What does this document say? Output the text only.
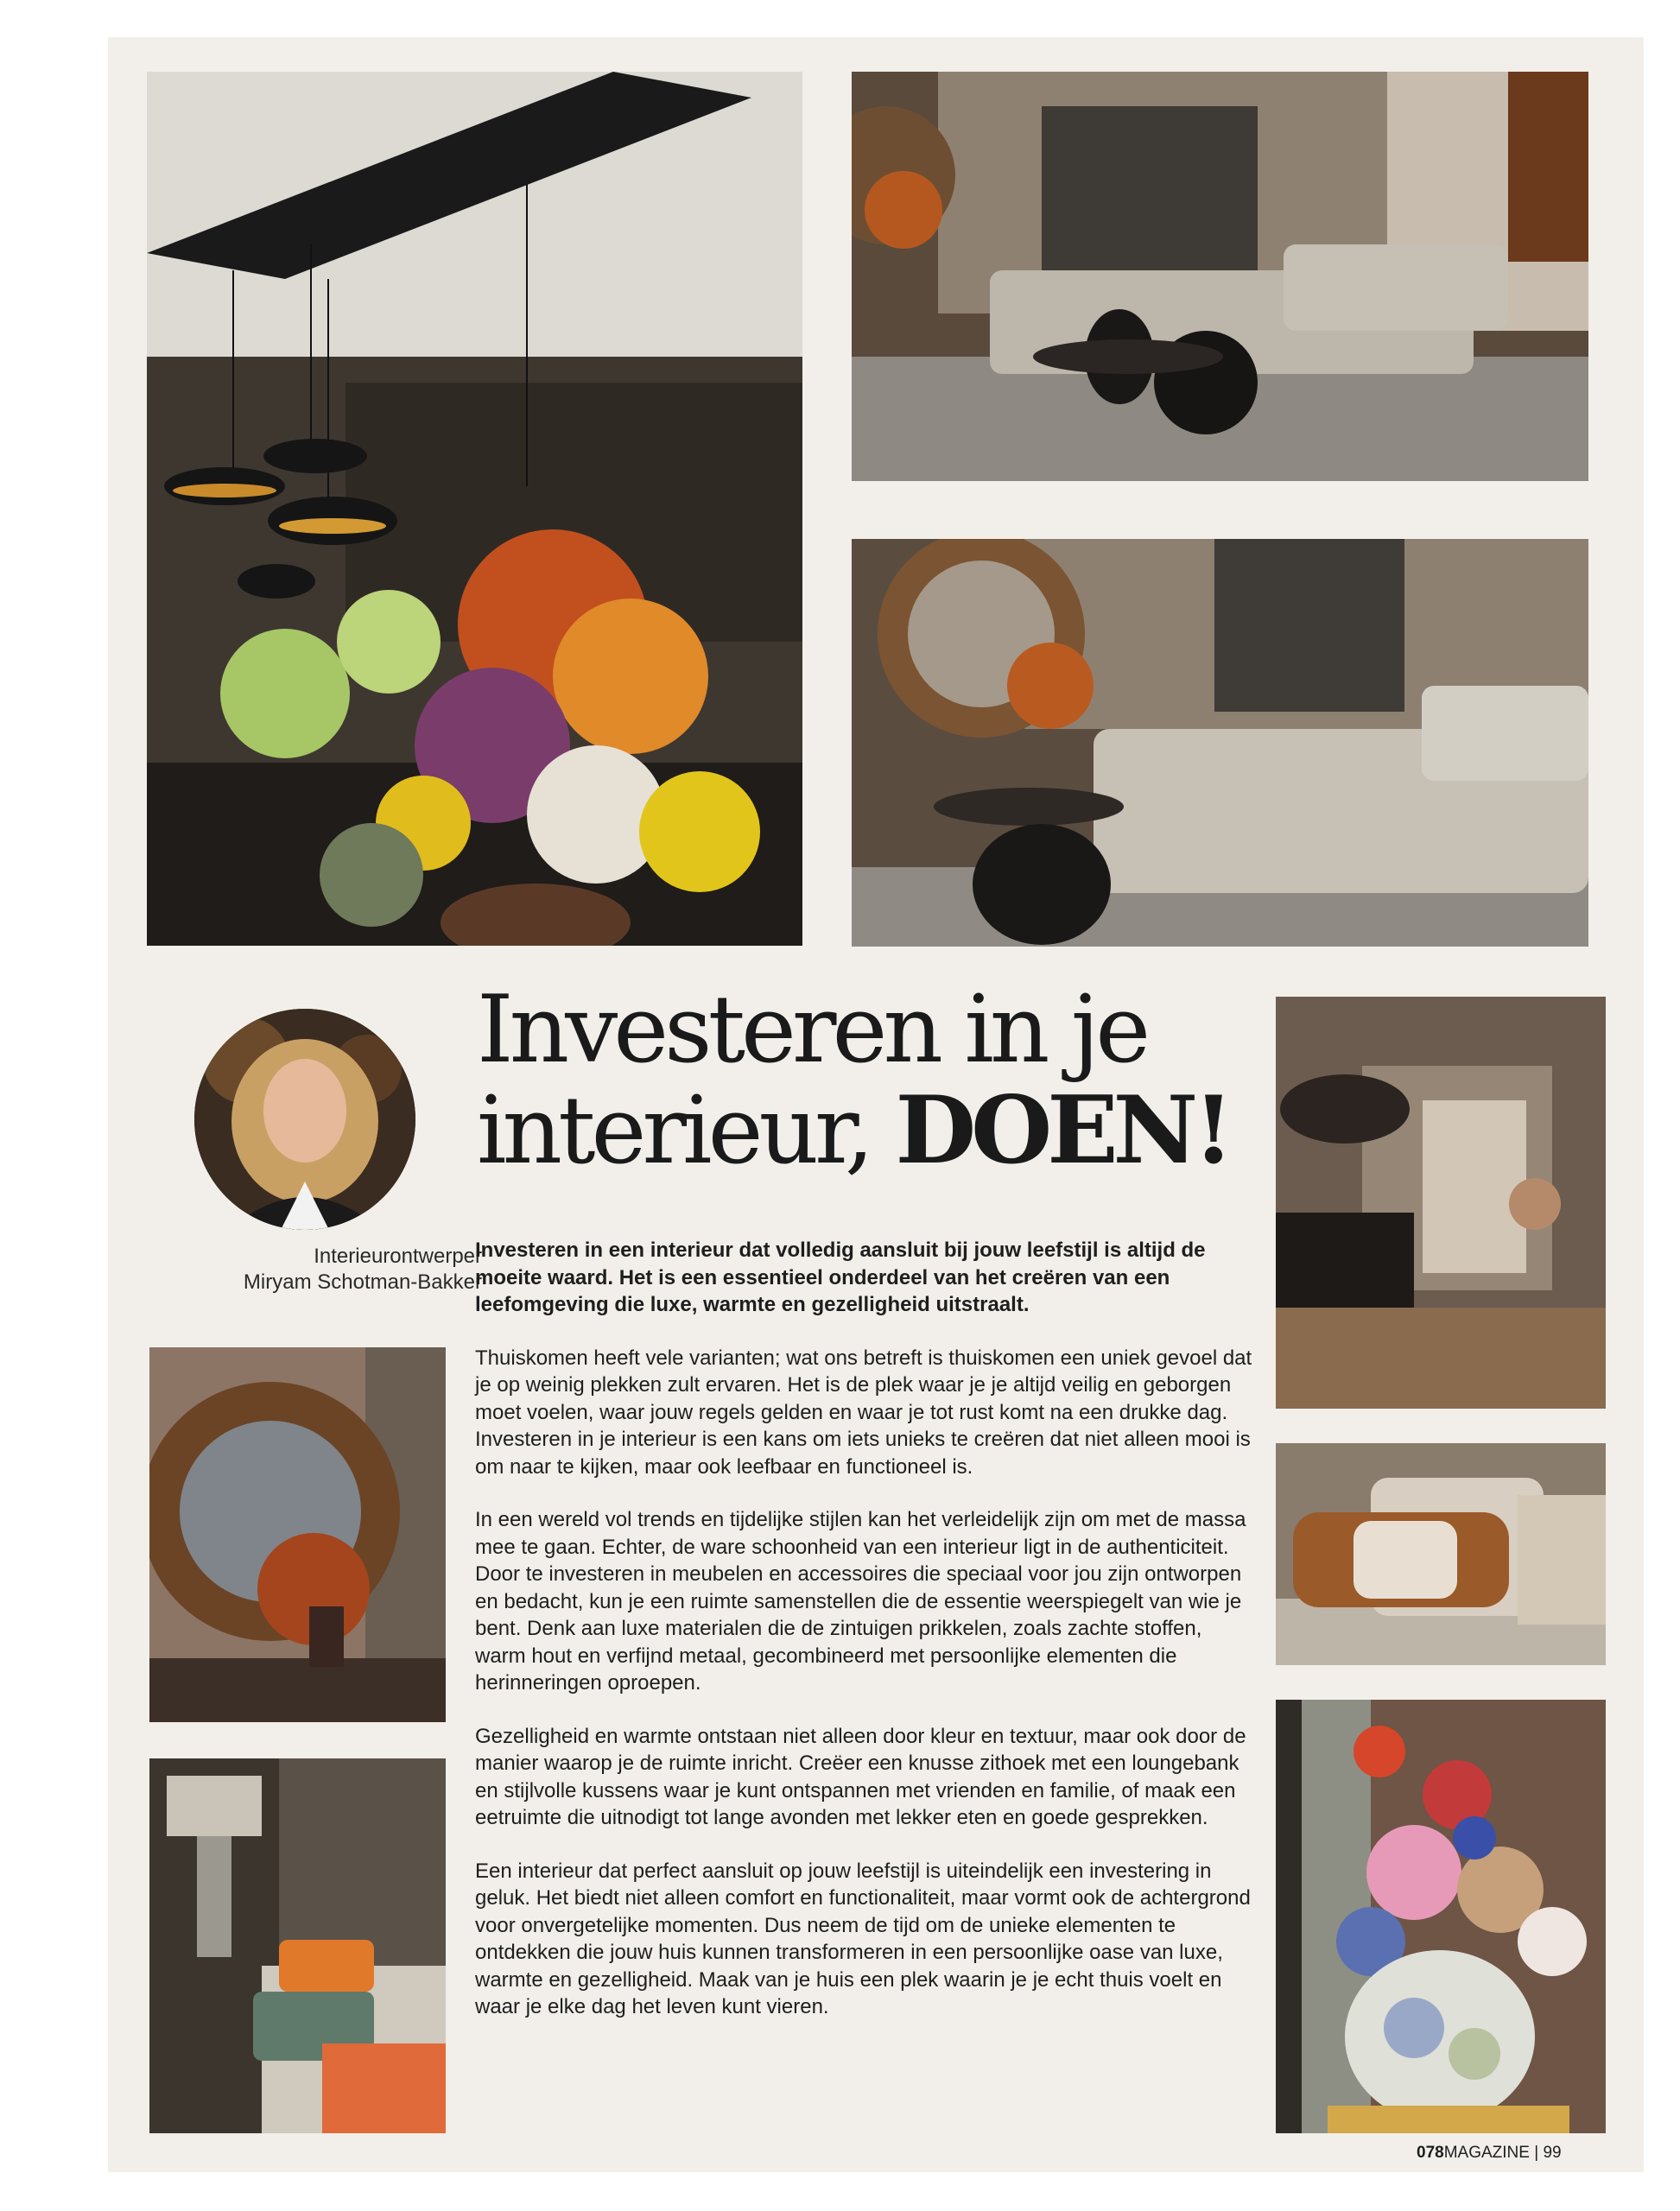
Investeren in je
interieur, DOEN!
Interieurontwerper
Miryam Schotman-Bakker

Investeren in een interieur dat volledig aansluit bij jouw leefstijl is altijd de moeite waard. Het is een essentieel onderdeel van het creëren van een leefomgeving die luxe, warmte en gezelligheid uitstraalt.

Thuiskomen heeft vele varianten; wat ons betreft is thuiskomen een uniek gevoel dat je op weinig plekken zult ervaren. Het is de plek waar je je altijd veilig en geborgen moet voelen, waar jouw regels gelden en waar je tot rust komt na een drukke dag. Investeren in je interieur is een kans om iets unieks te creëren dat niet alleen mooi is om naar te kijken, maar ook leefbaar en functioneel is.

In een wereld vol trends en tijdelijke stijlen kan het verleidelijk zijn om met de massa mee te gaan. Echter, de ware schoonheid van een interieur ligt in de authenticiteit. Door te investeren in meubelen en accessoires die speciaal voor jou zijn ontworpen en bedacht, kun je een ruimte samenstellen die de essentie weerspiegelt van wie je bent. Denk aan luxe materialen die de zintuigen prikkelen, zoals zachte stoffen, warm hout en verfijnd metaal, gecombineerd met persoonlijke elementen die herinneringen oproepen.

Gezelligheid en warmte ontstaan niet alleen door kleur en textuur, maar ook door de manier waarop je de ruimte inricht. Creëer een knusse zithoek met een loungebank en stijlvolle kussens waar je kunt ontspannen met vrienden en familie, of maak een eetruimte die uitnodigt tot lange avonden met lekker eten en goede gesprekken.

Een interieur dat perfect aansluit op jouw leefstijl is uiteindelijk een investering in geluk. Het biedt niet alleen comfort en functionaliteit, maar vormt ook de achtergrond voor onvergetelijke momenten. Dus neem de tijd om de unieke elementen te ontdekken die jouw huis kunnen transformeren in een persoonlijke oase van luxe, warmte en gezelligheid. Maak van je huis een plek waarin je je echt thuis voelt en waar je elke dag het leven kunt vieren.

078MAGAZINE | 99
